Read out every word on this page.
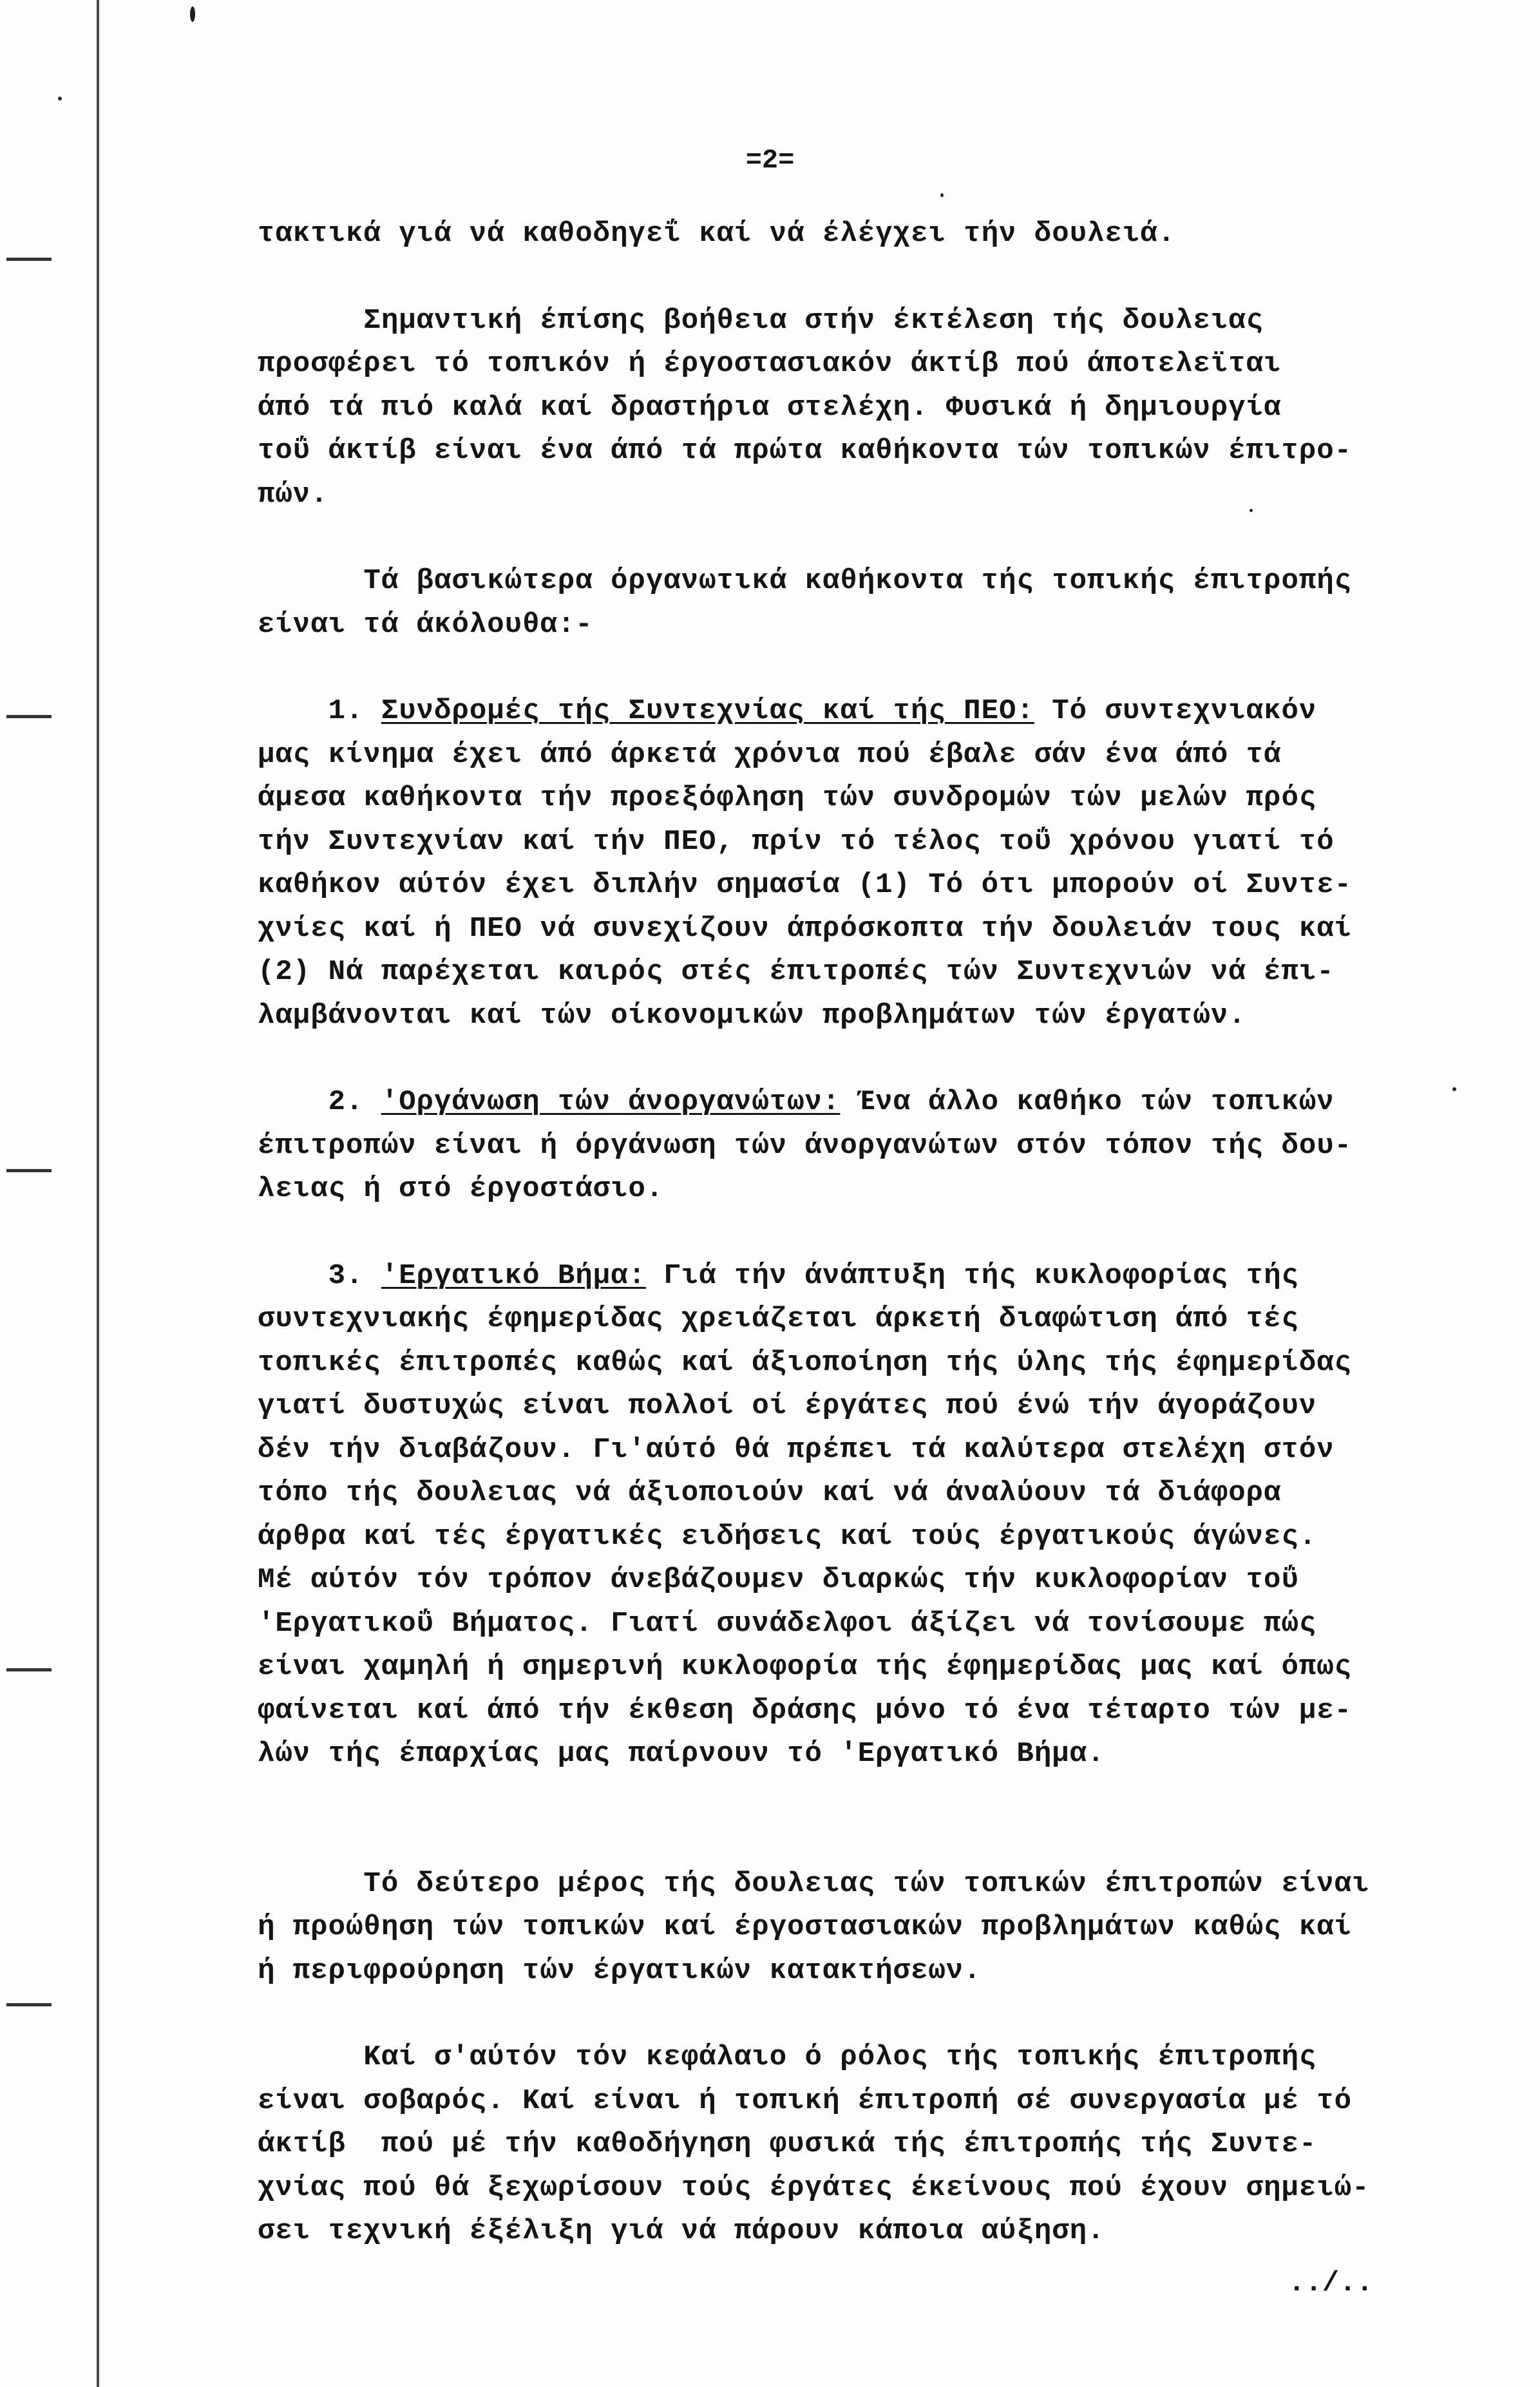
=2=
τακτικά γιά νά καθοδηγεΐ καί νά έλέγχει τήν δουλειά.
Σημαντική έπίσης βοήθεια στήν έκτέλεση τής δουλειας
προσφέρει τό τοπικόν ή έργοστασιακόν άκτίβ πού άποτελεϊται
άπό τά πιό καλά καί δραστήρια στελέχη. Φυσικά ή δημιουργία
τοΰ άκτίβ είναι ένα άπό τά πρώτα καθήκοντα τών τοπικών έπιτρο-
πών.
Τά βασικώτερα όργανωτικά καθήκοντα τής τοπικής έπιτροπής
είναι τά άκόλουθα:-
1. Συνδρομές τής Συντεχνίας καί τής ΠΕΟ: Τό συντεχνιακόν
μας κίνημα έχει άπό άρκετά χρόνια πού έβαλε σάν ένα άπό τά
άμεσα καθήκοντα τήν προεξόφληση τών συνδρομών τών μελών πρός
τήν Συντεχνίαν καί τήν ΠΕΟ, πρίν τό τέλος τοΰ χρόνου γιατί τό
καθήκον αύτόν έχει διπλήν σημασία (1) Τό ότι μπορούν οί Συντε-
χνίες καί ή ΠΕΟ νά συνεχίζουν άπρόσκοπτα τήν δουλειάν τους καί
(2) Νά παρέχεται καιρός στές έπιτροπές τών Συντεχνιών νά έπι-
λαμβάνονται καί τών οίκονομικών προβλημάτων τών έργατών.
2. 'Οργάνωση τών άνοργανώτων: Ένα άλλο καθήκο τών τοπικών
έπιτροπών είναι ή όργάνωση τών άνοργανώτων στόν τόπον τής δου-
λειας ή στό έργοστάσιο.
3. 'Εργατικό Βήμα: Γιά τήν άνάπτυξη τής κυκλοφορίας τής
συντεχνιακής έφημερίδας χρειάζεται άρκετή διαφώτιση άπό τές
τοπικές έπιτροπές καθώς καί άξιοποίηση τής ύλης τής έφημερίδας
γιατί δυστυχώς είναι πολλοί οί έργάτες πού ένώ τήν άγοράζουν
δέν τήν διαβάζουν. Γι'αύτό θά πρέπει τά καλύτερα στελέχη στόν
τόπο τής δουλειας νά άξιοποιούν καί νά άναλύουν τά διάφορα
άρθρα καί τές έργατικές ειδήσεις καί τούς έργατικούς άγώνες.
Μέ αύτόν τόν τρόπον άνεβάζουμεν διαρκώς τήν κυκλοφορίαν τοΰ
'Εργατικοΰ Βήματος. Γιατί συνάδελφοι άξίζει νά τονίσουμε πώς
είναι χαμηλή ή σημερινή κυκλοφορία τής έφημερίδας μας καί όπως
φαίνεται καί άπό τήν έκθεση δράσης μόνο τό ένα τέταρτο τών με-
λών τής έπαρχίας μας παίρνουν τό 'Εργατικό Βήμα.
Τό δεύτερο μέρος τής δουλειας τών τοπικών έπιτροπών είναι
ή προώθηση τών τοπικών καί έργοστασιακών προβλημάτων καθώς καί
ή περιφρούρηση τών έργατικών κατακτήσεων.
Καί σ'αύτόν τόν κεφάλαιο ό ρόλος τής τοπικής έπιτροπής
είναι σοβαρός. Καί είναι ή τοπική έπιτροπή σέ συνεργασία μέ τό
άκτίβ  πού μέ τήν καθοδήγηση φυσικά τής έπιτροπής τής Συντε-
χνίας πού θά ξεχωρίσουν τούς έργάτες έκείνους πού έχουν σημειώ-
σει τεχνική έξέλιξη γιά νά πάρουν κάποια αύξηση.
../..
